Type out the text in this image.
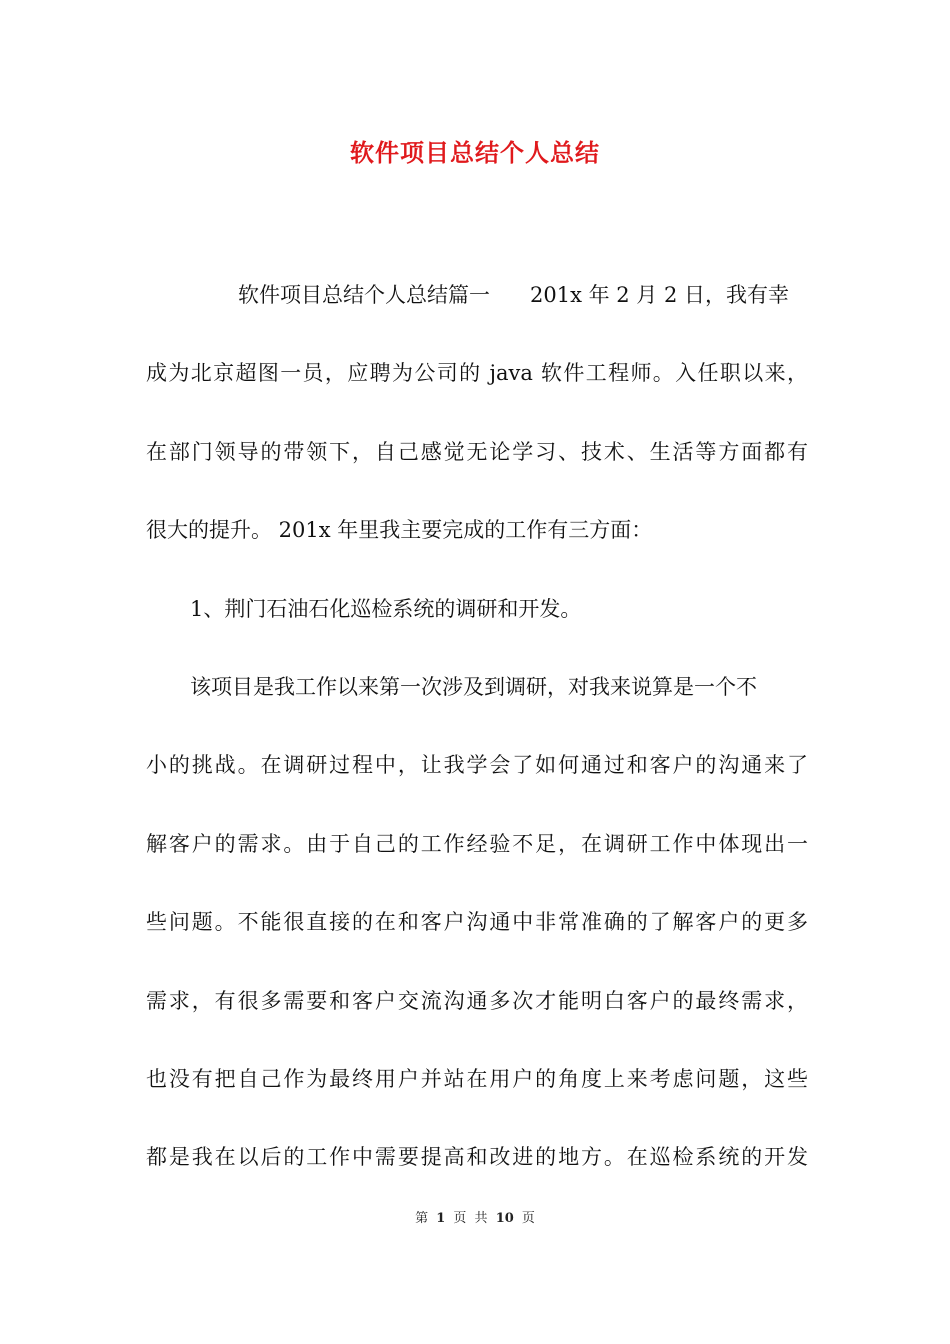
软件项目总结个人总结
软件项目总结个人总结篇一 201x 年 2 月 2 日，我有幸
成为北京超图一员，应聘为公司的 java 软件工程师。入任职以来，
在部门领导的带领下，自己感觉无论学习、技术、生活等方面都有
很大的提升。 201x 年里我主要完成的工作有三方面：
1、荆门石油石化巡检系统的调研和开发。
该项目是我工作以来第一次涉及到调研，对我来说算是一个不
小的挑战。在调研过程中，让我学会了如何通过和客户的沟通来了
解客户的需求。由于自己的工作经验不足，在调研工作中体现出一
些问题。不能很直接的在和客户沟通中非常准确的了解客户的更多
需求，有很多需要和客户交流沟通多次才能明白客户的最终需求，
也没有把自己作为最终用户并站在用户的角度上来考虑问题，这些
都是我在以后的工作中需要提高和改进的地方。在巡检系统的开发
第 1 页 共 10 页
